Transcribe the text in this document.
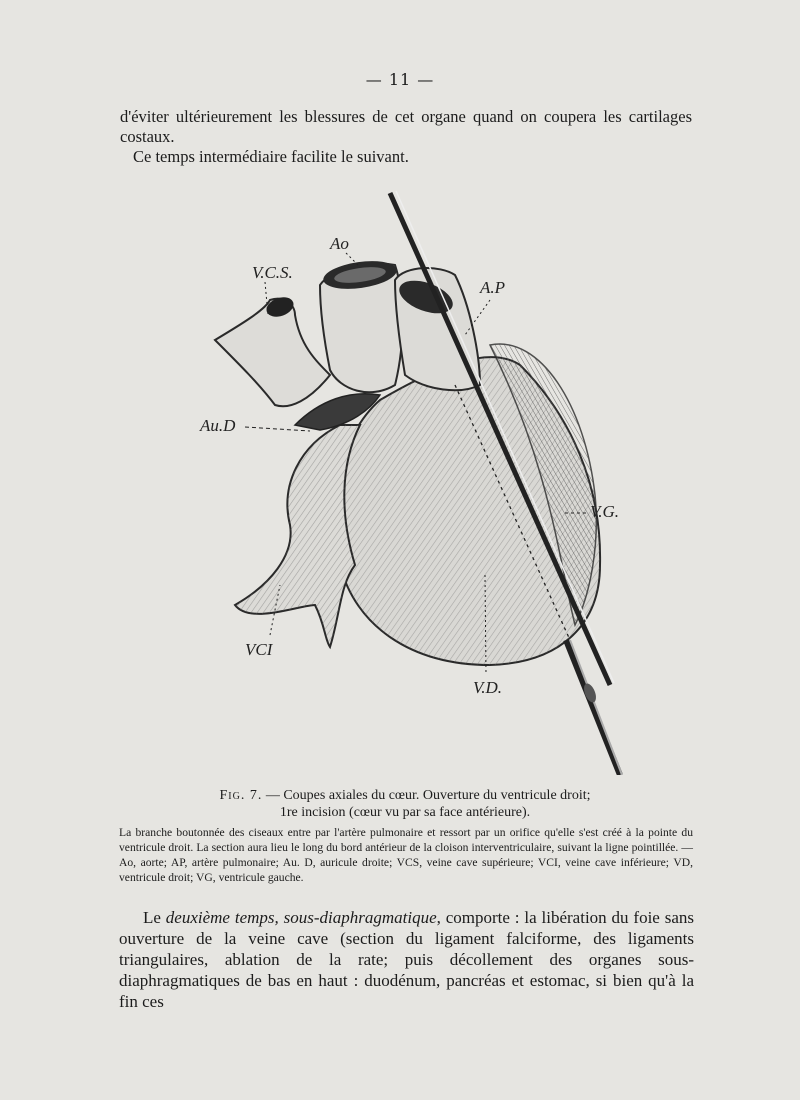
— 11 —
d'éviter ultérieurement les blessures de cet organe quand on coupera les cartilages costaux.
Ce temps intermédiaire facilite le suivant.
Ao
V.C.S.
A.P
Au.D
V.G.
VCI
V.D.
Fig. 7. — Coupes axiales du cœur. Ouverture du ventricule droit;
1re incision (cœur vu par sa face antérieure).
La branche boutonnée des ciseaux entre par l'artère pulmonaire et ressort par un orifice qu'elle s'est créé à la pointe du ventricule droit. La section aura lieu le long du bord antérieur de la cloison interventriculaire, suivant la ligne pointillée. — Ao, aorte; AP, artère pulmonaire; Au. D, auricule droite; VCS, veine cave supérieure; VCI, veine cave inférieure; VD, ventricule droit; VG, ventricule gauche.
Le deuxième temps, sous-diaphragmatique, comporte : la libération du foie sans ouverture de la veine cave (section du ligament falciforme, des ligaments triangulaires, ablation de la rate; puis décollement des organes sous-diaphragmatiques de bas en haut : duodénum, pancréas et estomac, si bien qu'à la fin ces
